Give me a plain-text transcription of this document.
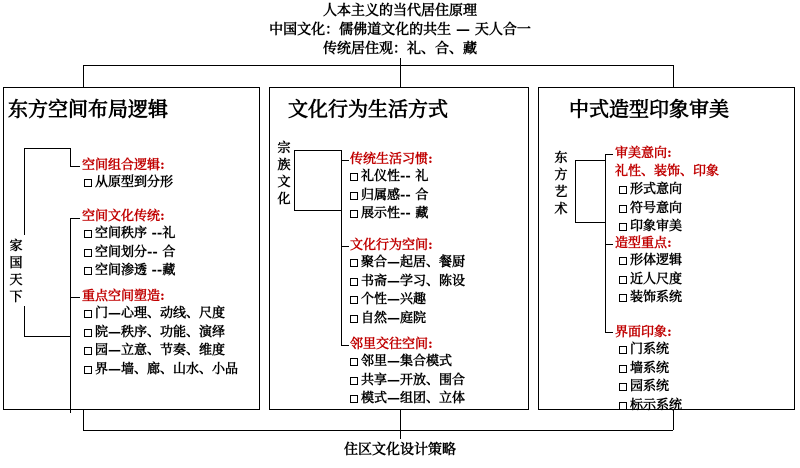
人本主义的当代居住原理
中国文化：儒佛道文化的共生 — 天人合一
传统居住观：礼、合、藏
住区文化设计策略
东方空间布局逻辑
家
国
天
下
空间组合逻辑:
从原型到分形
空间文化传统:
空间秩序 --礼
空间划分-- 合
空间渗透 --藏
重点空间塑造:
门—心理、动线、尺度
院—秩序、功能、演绎
园—立意、节奏、维度
界—墙、廊、山水、小品
文化行为生活方式
宗
族
文
化
传统生活习惯:
礼仪性-- 礼
归属感-- 合
展示性-- 藏
文化行为空间:
聚合—起居、餐厨
书斋—学习、陈设
个性—兴趣
自然—庭院
邻里交往空间:
邻里—集合模式
共享—开放、围合
模式—组团、立体
中式造型印象审美
东
方
艺
术
审美意向:
礼性、装饰、印象
形式意向
符号意向
印象审美
造型重点:
形体逻辑
近人尺度
装饰系统
界面印象:
门系统
墙系统
园系统
标示系统
